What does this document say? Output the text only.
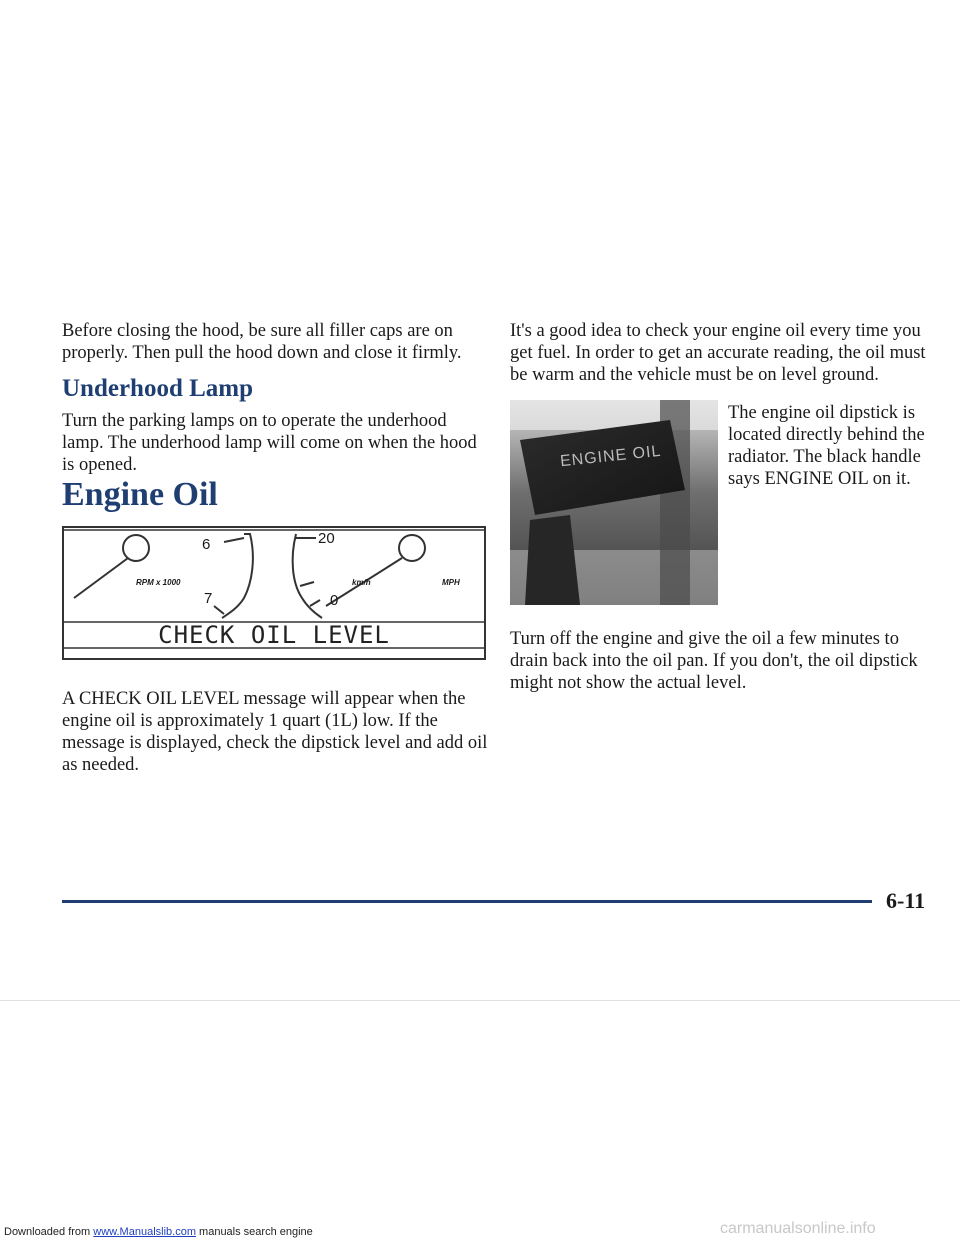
Before closing the hood, be sure all filler caps are on properly. Then pull the hood down and close it firmly.

Underhood Lamp

Turn the parking lamps on to operate the underhood lamp. The underhood lamp will come on when the hood is opened.

Engine Oil
6
7
RPM x 1000
20
0
km/h	MPH
CHECK OIL LEVEL

A CHECK OIL LEVEL message will appear when the engine oil is approximately 1 quart (1L) low. If the message is displayed, check the dipstick level and add oil as needed.

It's a good idea to check your engine oil every time you get fuel. In order to get an accurate reading, the oil must be warm and the vehicle must be on level ground.

ENGINE OIL

The engine oil dipstick is located directly behind the radiator. The black handle says ENGINE OIL on it.

Turn off the engine and give the oil a few minutes to drain back into the oil pan. If you don't, the oil dipstick might not show the actual level.

6-11
Downloaded from www.Manualslib.com manuals search engine	carmanualsonline.info
